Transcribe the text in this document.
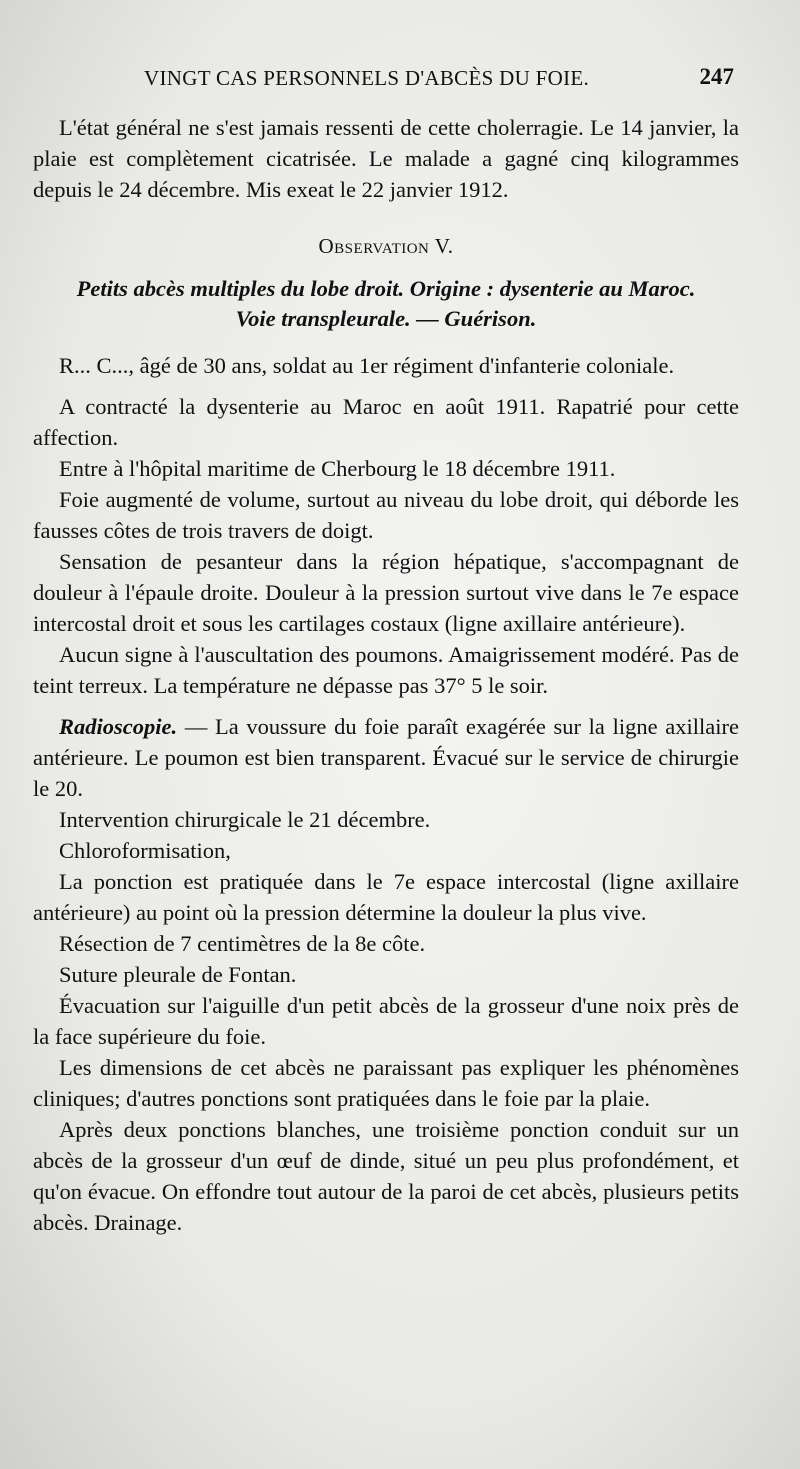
VINGT CAS PERSONNELS D'ABCÈS DU FOIE.	247

L'état général ne s'est jamais ressenti de cette cholerragie. Le 14 janvier, la plaie est complètement cicatrisée. Le malade a gagné cinq kilogrammes depuis le 24 décembre. Mis exeat le 22 janvier 1912.

Observation V.

Petits abcès multiples du lobe droit. Origine : dysenterie au Maroc.
Voie transpleurale. — Guérison.

R... C..., âgé de 30 ans, soldat au 1er régiment d'infanterie coloniale.

A contracté la dysenterie au Maroc en août 1911. Rapatrié pour cette affection.

Entre à l'hôpital maritime de Cherbourg le 18 décembre 1911.

Foie augmenté de volume, surtout au niveau du lobe droit, qui déborde les fausses côtes de trois travers de doigt.

Sensation de pesanteur dans la région hépatique, s'accompagnant de douleur à l'épaule droite. Douleur à la pression surtout vive dans le 7e espace intercostal droit et sous les cartilages costaux (ligne axillaire antérieure).

Aucun signe à l'auscultation des poumons. Amaigrissement modéré. Pas de teint terreux. La température ne dépasse pas 37° 5 le soir.

Radioscopie. — La voussure du foie paraît exagérée sur la ligne axillaire antérieure. Le poumon est bien transparent. Évacué sur le service de chirurgie le 20.

Intervention chirurgicale le 21 décembre.

Chloroformisation,

La ponction est pratiquée dans le 7e espace intercostal (ligne axillaire antérieure) au point où la pression détermine la douleur la plus vive.

Résection de 7 centimètres de la 8e côte.

Suture pleurale de Fontan.

Évacuation sur l'aiguille d'un petit abcès de la grosseur d'une noix près de la face supérieure du foie.

Les dimensions de cet abcès ne paraissant pas expliquer les phénomènes cliniques; d'autres ponctions sont pratiquées dans le foie par la plaie.

Après deux ponctions blanches, une troisième ponction conduit sur un abcès de la grosseur d'un œuf de dinde, situé un peu plus profondément, et qu'on évacue. On effondre tout autour de la paroi de cet abcès, plusieurs petits abcès. Drainage.
